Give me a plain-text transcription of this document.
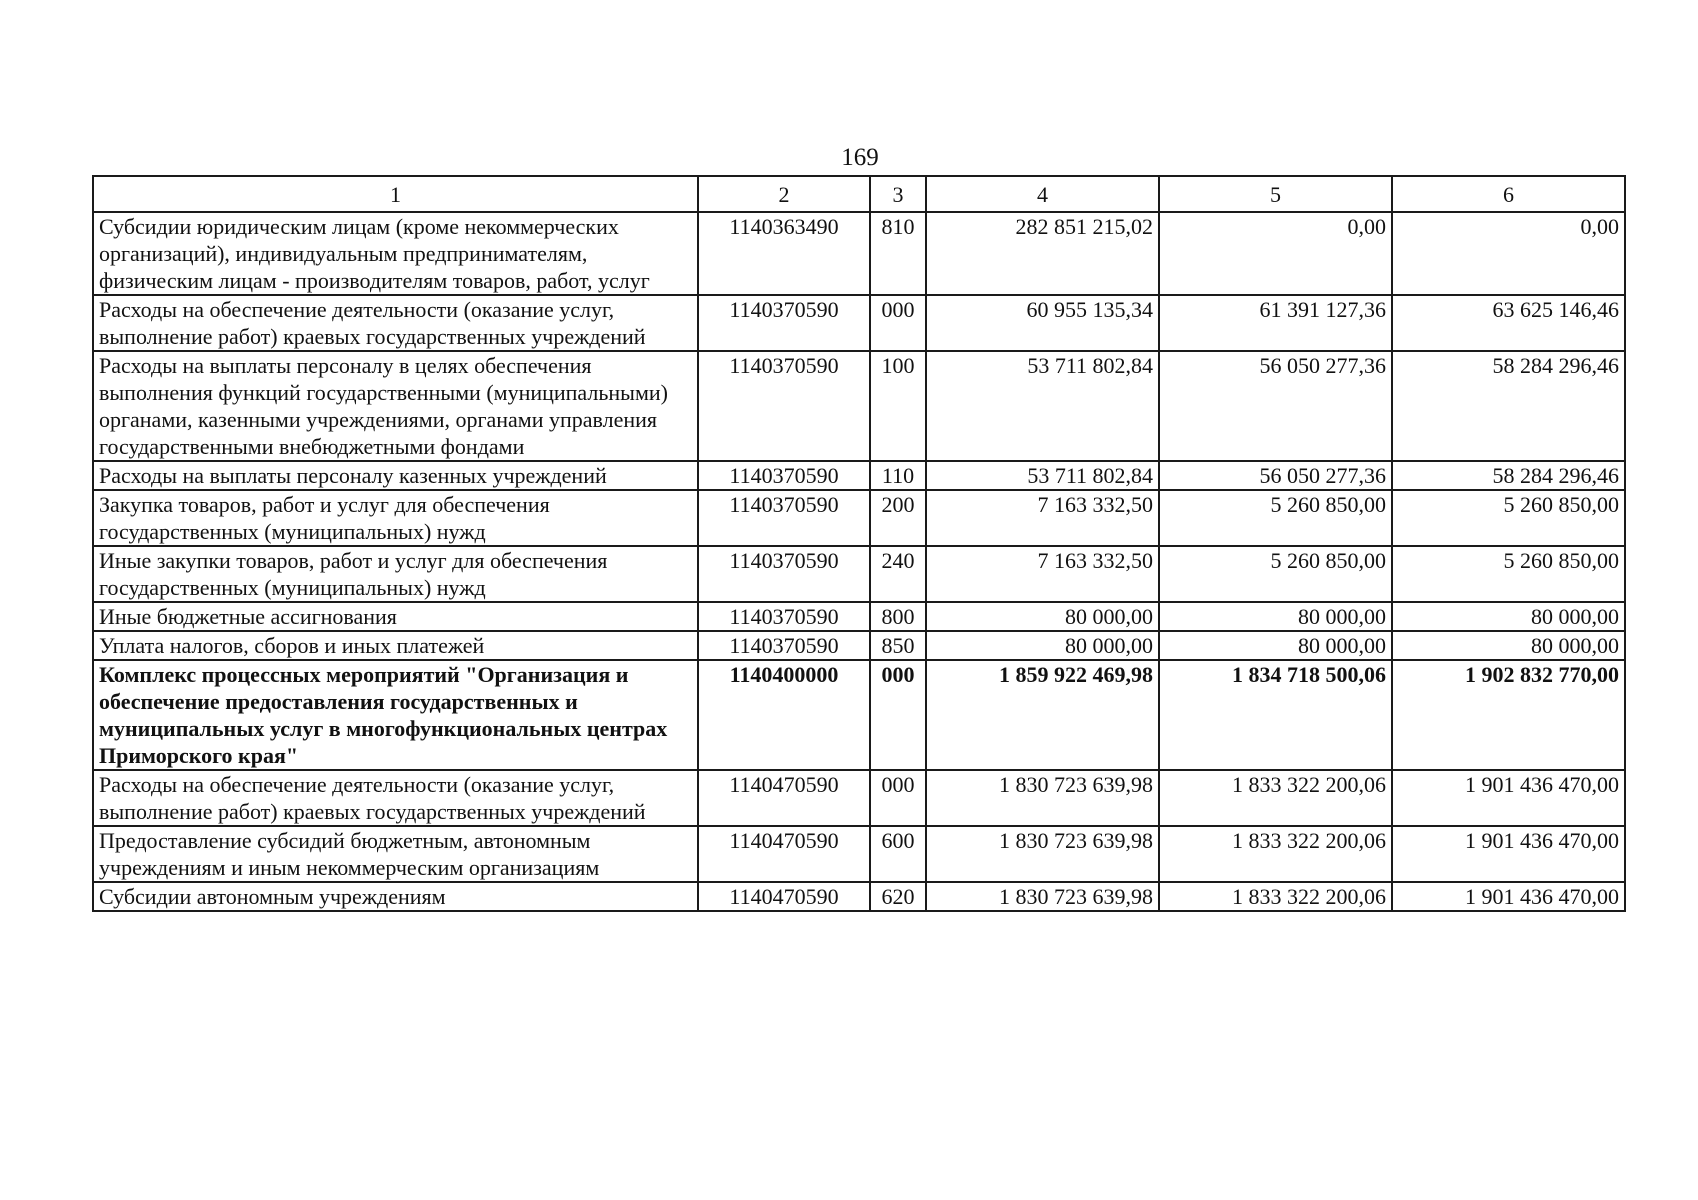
169
1	2	3	4	5	6
Субсидии юридическим лицам (кроме некоммерческих организаций), индивидуальным предпринимателям, физическим лицам - производителям товаров, работ, услуг	1140363490	810	282 851 215,02	0,00	0,00
Расходы на обеспечение деятельности (оказание услуг, выполнение работ) краевых государственных учреждений	1140370590	000	60 955 135,34	61 391 127,36	63 625 146,46
Расходы на выплаты персоналу в целях обеспечения выполнения функций государственными (муниципальными) органами, казенными учреждениями, органами управления государственными внебюджетными фондами	1140370590	100	53 711 802,84	56 050 277,36	58 284 296,46
Расходы на выплаты персоналу казенных учреждений	1140370590	110	53 711 802,84	56 050 277,36	58 284 296,46
Закупка товаров, работ и услуг для обеспечения государственных (муниципальных) нужд	1140370590	200	7 163 332,50	5 260 850,00	5 260 850,00
Иные закупки товаров, работ и услуг для обеспечения государственных (муниципальных) нужд	1140370590	240	7 163 332,50	5 260 850,00	5 260 850,00
Иные бюджетные ассигнования	1140370590	800	80 000,00	80 000,00	80 000,00
Уплата налогов, сборов и иных платежей	1140370590	850	80 000,00	80 000,00	80 000,00
Комплекс процессных мероприятий "Организация и обеспечение предоставления государственных и муниципальных услуг в многофункциональных центрах Приморского края"	1140400000	000	1 859 922 469,98	1 834 718 500,06	1 902 832 770,00
Расходы на обеспечение деятельности (оказание услуг, выполнение работ) краевых государственных учреждений	1140470590	000	1 830 723 639,98	1 833 322 200,06	1 901 436 470,00
Предоставление субсидий бюджетным, автономным учреждениям и иным некоммерческим организациям	1140470590	600	1 830 723 639,98	1 833 322 200,06	1 901 436 470,00
Субсидии автономным учреждениям	1140470590	620	1 830 723 639,98	1 833 322 200,06	1 901 436 470,00
